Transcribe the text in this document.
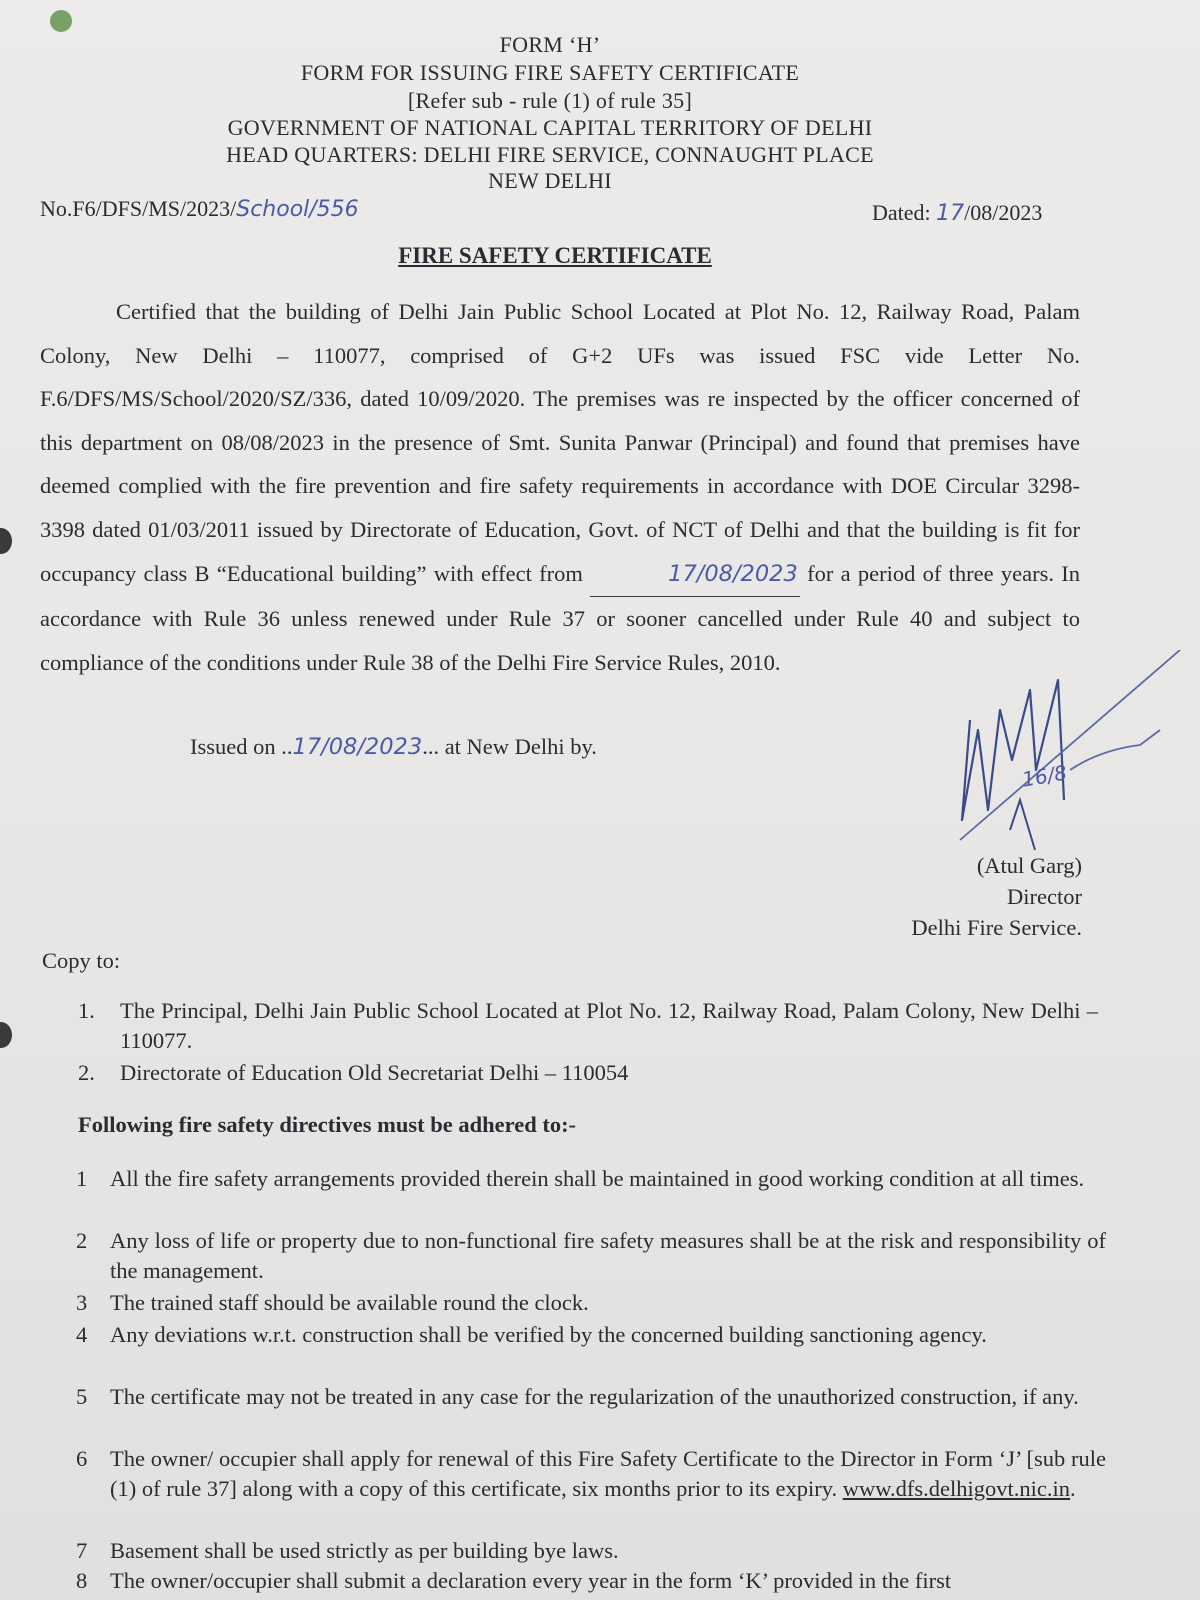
FORM ‘H’
FORM FOR ISSUING FIRE SAFETY CERTIFICATE
[Refer sub - rule (1) of rule 35]
GOVERNMENT OF NATIONAL CAPITAL TERRITORY OF DELHI
HEAD QUARTERS: DELHI FIRE SERVICE, CONNAUGHT PLACE
NEW DELHI
No.F6/DFS/MS/2023/School/556	Dated: 17/08/2023
FIRE SAFETY CERTIFICATE
Certified that the building of Delhi Jain Public School Located at Plot No. 12, Railway Road, Palam Colony, New Delhi – 110077, comprised of G+2 UFs was issued FSC vide Letter No. F.6/DFS/MS/School/2020/SZ/336, dated 10/09/2020. The premises was re inspected by the officer concerned of this department on 08/08/2023 in the presence of Smt. Sunita Panwar (Principal) and found that premises have deemed complied with the fire prevention and fire safety requirements in accordance with DOE Circular 3298-3398 dated 01/03/2011 issued by Directorate of Education, Govt. of NCT of Delhi and that the building is fit for occupancy class B “Educational building” with effect from	17/08/2023 for a period of three years. In accordance with Rule 36 unless renewed under Rule 37 or sooner cancelled under Rule 40 and subject to compliance of the conditions under Rule 38 of the Delhi Fire Service Rules, 2010.
Issued on ..17/08/2023... at New Delhi by.
16/8
(Atul Garg)
Director
Delhi Fire Service.
Copy to:
1. The Principal, Delhi Jain Public School Located at Plot No. 12, Railway Road, Palam Colony, New Delhi – 110077.
2. Directorate of Education Old Secretariat Delhi – 110054
Following fire safety directives must be adhered to:-
1 All the fire safety arrangements provided therein shall be maintained in good working condition at all times.
2 Any loss of life or property due to non-functional fire safety measures shall be at the risk and responsibility of the management.
3 The trained staff should be available round the clock.
4 Any deviations w.r.t. construction shall be verified by the concerned building sanctioning agency.
5 The certificate may not be treated in any case for the regularization of the unauthorized construction, if any.
6 The owner/ occupier shall apply for renewal of this Fire Safety Certificate to the Director in Form ‘J’ [sub rule (1) of rule 37] along with a copy of this certificate, six months prior to its expiry. www.dfs.delhigovt.nic.in.
7 Basement shall be used strictly as per building bye laws.
8 The owner/occupier shall submit a declaration every year in the form ‘K’ provided in the first
